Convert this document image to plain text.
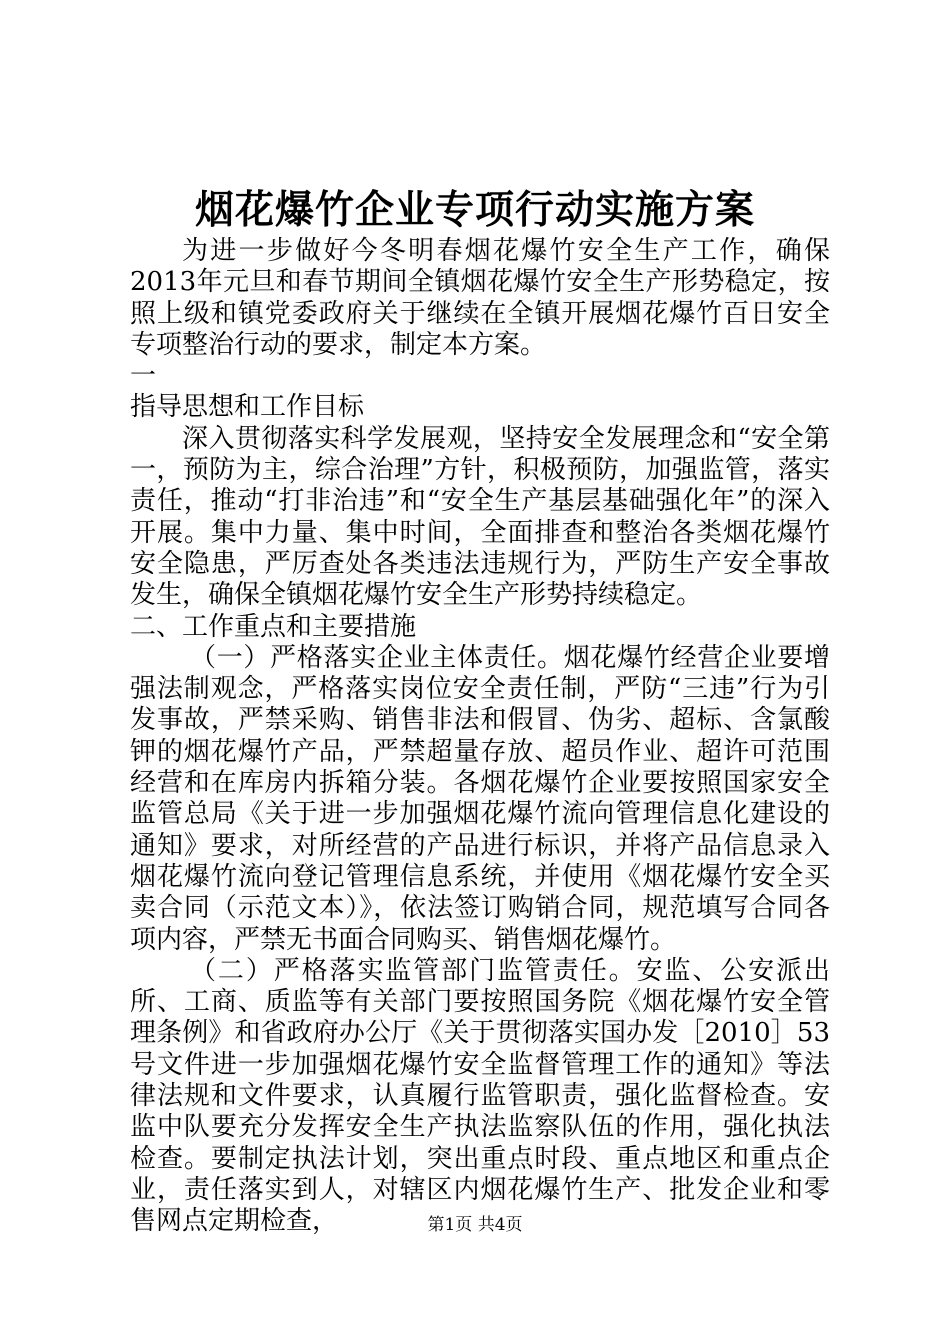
烟花爆竹企业专项行动实施方案

为进一步做好今冬明春烟花爆竹安全生产工作，确保2013年元旦和春节期间全镇烟花爆竹安全生产形势稳定，按照上级和镇党委政府关于继续在全镇开展烟花爆竹百日安全专项整治行动的要求，制定本方案。

一

指导思想和工作目标

深入贯彻落实科学发展观，坚持安全发展理念和“安全第一，预防为主，综合治理”方针，积极预防，加强监管，落实责任，推动“打非治违”和“安全生产基层基础强化年”的深入开展。集中力量、集中时间，全面排查和整治各类烟花爆竹安全隐患，严厉查处各类违法违规行为，严防生产安全事故发生，确保全镇烟花爆竹安全生产形势持续稳定。

二、工作重点和主要措施

（一）严格落实企业主体责任。烟花爆竹经营企业要增强法制观念，严格落实岗位安全责任制，严防“三违”行为引发事故，严禁采购、销售非法和假冒、伪劣、超标、含氯酸钾的烟花爆竹产品，严禁超量存放、超员作业、超许可范围经营和在库房内拆箱分装。各烟花爆竹企业要按照国家安全监管总局《关于进一步加强烟花爆竹流向管理信息化建设的通知》要求，对所经营的产品进行标识，并将产品信息录入烟花爆竹流向登记管理信息系统，并使用《烟花爆竹安全买卖合同（示范文本）》，依法签订购销合同，规范填写合同各项内容，严禁无书面合同购买、销售烟花爆竹。

（二）严格落实监管部门监管责任。安监、公安派出所、工商、质监等有关部门要按照国务院《烟花爆竹安全管理条例》和省政府办公厅《关于贯彻落实国办发［2010］53号文件进一步加强烟花爆竹安全监督管理工作的通知》等法律法规和文件要求，认真履行监管职责，强化监督检查。安监中队要充分发挥安全生产执法监察队伍的作用，强化执法检查。要制定执法计划，突出重点时段、重点地区和重点企业，责任落实到人，对辖区内烟花爆竹生产、批发企业和零售网点定期检查，	第1页 共4页
